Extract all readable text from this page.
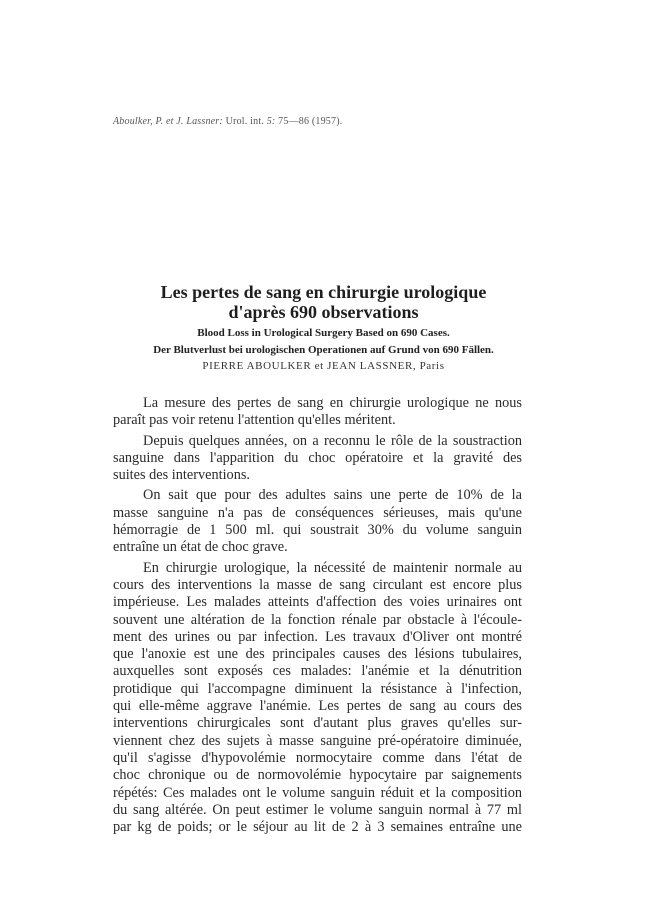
Aboulker, P. et J. Lassner: Urol. int. 5: 75—86 (1957).
Les pertes de sang en chirurgie urologique
d'après 690 observations
Blood Loss in Urological Surgery Based on 690 Cases.
Der Blutverlust bei urologischen Operationen auf Grund von 690 Fällen.
PIERRE ABOULKER et JEAN LASSNER, Paris
La mesure des pertes de sang en chirurgie urologique ne nous
paraît pas voir retenu l'attention qu'elles méritent.
Depuis quelques années, on a reconnu le rôle de la soustraction
sanguine dans l'apparition du choc opératoire et la gravité des
suites des interventions.
On sait que pour des adultes sains une perte de 10% de la
masse sanguine n'a pas de conséquences sérieuses, mais qu'une
hémorragie de 1 500 ml. qui soustrait 30% du volume sanguin
entraîne un état de choc grave.
En chirurgie urologique, la nécessité de maintenir normale au
cours des interventions la masse de sang circulant est encore plus
impérieuse. Les malades atteints d'affection des voies urinaires ont
souvent une altération de la fonction rénale par obstacle à l'écoule-
ment des urines ou par infection. Les travaux d'Oliver ont montré
que l'anoxie est une des principales causes des lésions tubulaires,
auxquelles sont exposés ces malades: l'anémie et la dénutrition
protidique qui l'accompagne diminuent la résistance à l'infection,
qui elle-même aggrave l'anémie. Les pertes de sang au cours des
interventions chirurgicales sont d'autant plus graves qu'elles sur-
viennent chez des sujets à masse sanguine pré-opératoire diminuée,
qu'il s'agisse d'hypovolémie normocytaire comme dans l'état de
choc chronique ou de normovolémie hypocytaire par saignements
répétés: Ces malades ont le volume sanguin réduit et la composition
du sang altérée. On peut estimer le volume sanguin normal à 77 ml
par kg de poids; or le séjour au lit de 2 à 3 semaines entraîne une
